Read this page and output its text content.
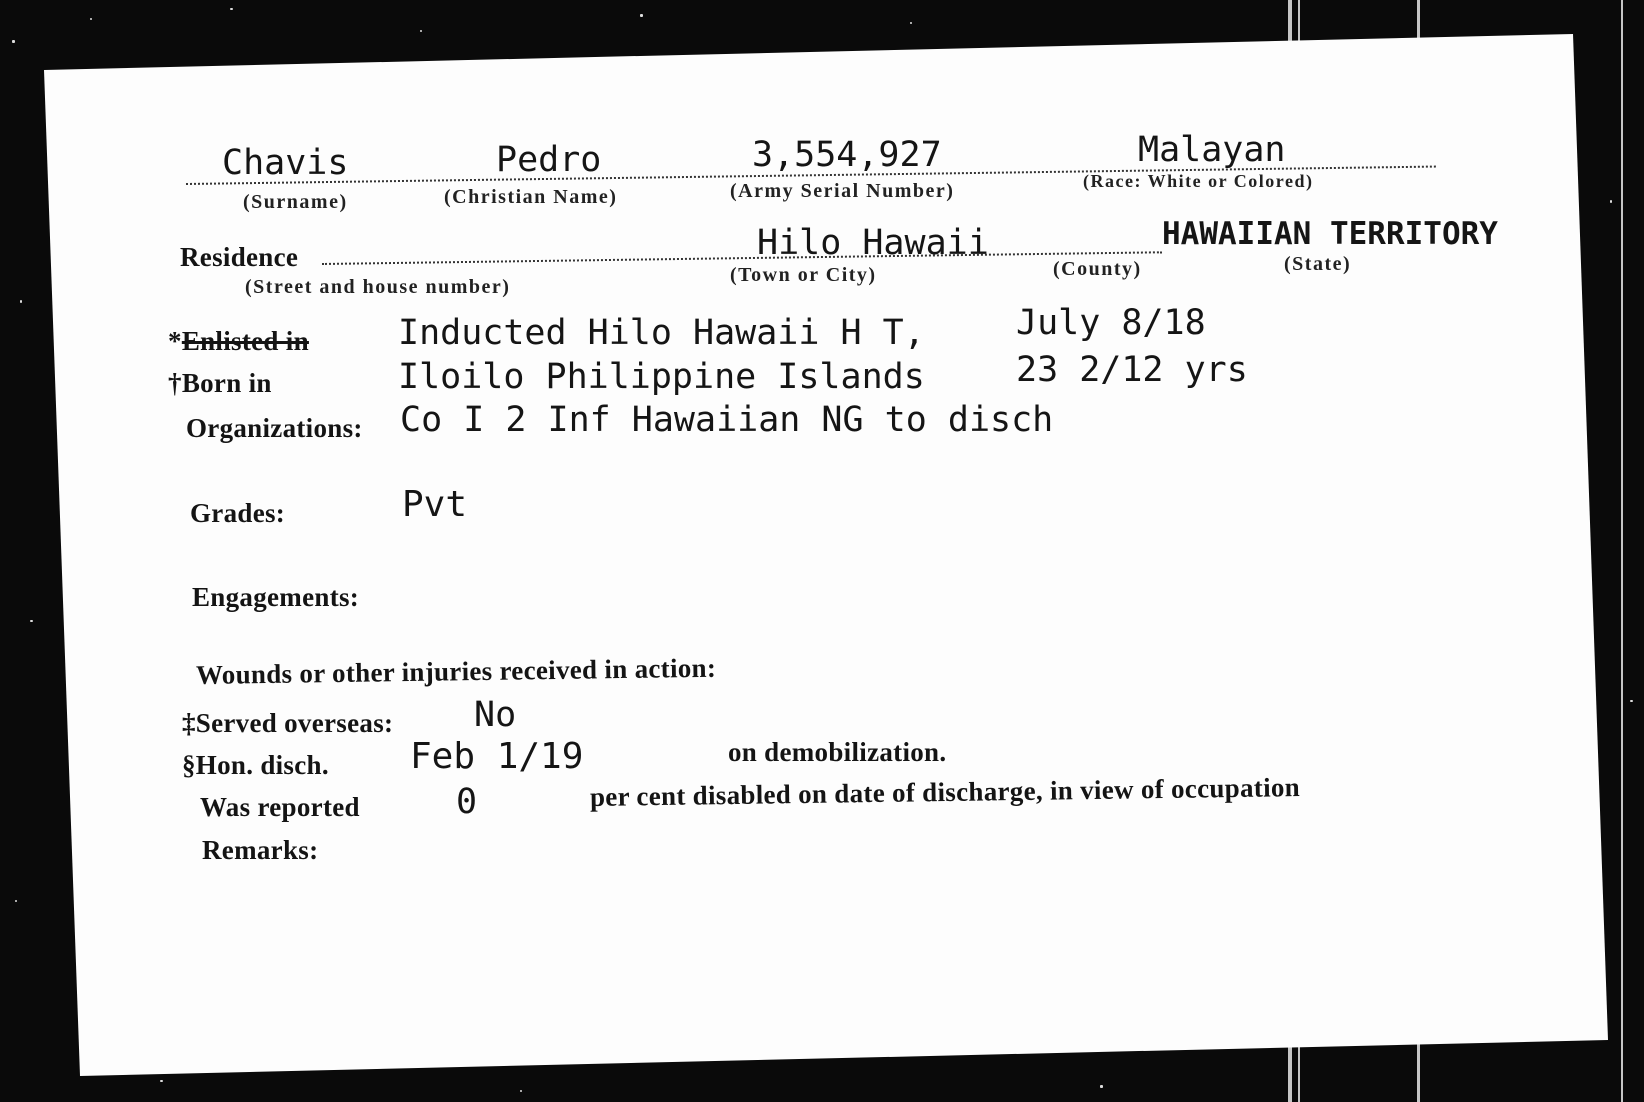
Chavis	Pedro	3,554,927	Malayan
(Surname)	(Christian Name)	(Army Serial Number)	(Race: White or Colored)
Residence	Hilo Hawaii	HAWAIIAN TERRITORY
(Street and house number)
(Town or City)	(County)	(State)
*Enlisted in	Inducted Hilo Hawaii H T,	July 8/18
†Born in	Iloilo Philippine Islands	23 2/12 yrs
Organizations: Co I 2 Inf Hawaiian NG to disch
Grades:	Pvt
Engagements:
Wounds or other injuries received in action:
‡Served overseas: No
§Hon. disch. Feb 1/19	on demobilization.
Was reported	0	per cent disabled on date of discharge, in view of occupation
Remarks:
